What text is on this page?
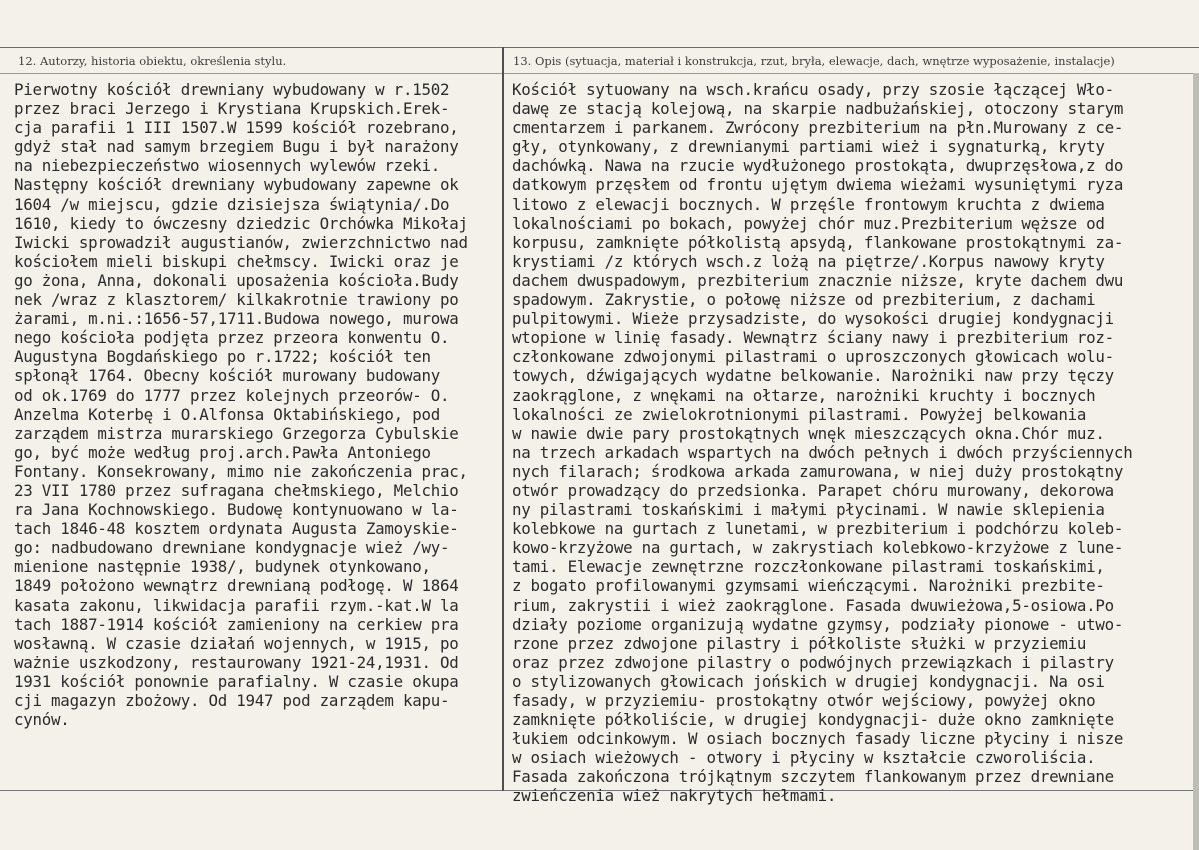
12. Autorzy, historia obiektu, określenia stylu.	13. Opis (sytuacja, materiał i konstrukcja, rzut, bryła, elewacje, dach, wnętrze wyposażenie, instalacje)
Pierwotny kościół drewniany wybudowany w r.1502
przez braci Jerzego i Krystiana Krupskich.Erek-
cja parafii 1 III 1507.W 1599 kościół rozebrano,
gdyż stał nad samym brzegiem Bugu i był narażony
na niebezpieczeństwo wiosennych wylewów rzeki.
Następny kościół drewniany wybudowany zapewne ok
1604 /w miejscu, gdzie dzisiejsza świątynia/.Do
1610, kiedy to ówczesny dziedzic Orchówka Mikołaj
Iwicki sprowadził augustianów, zwierzchnictwo nad
kościołem mieli biskupi chełmscy. Iwicki oraz je
go żona, Anna, dokonali uposażenia kościoła.Budy
nek /wraz z klasztorem/ kilkakrotnie trawiony po
żarami, m.ni.:1656-57,1711.Budowa nowego, murowa
nego kościoła podjęta przez przeora konwentu O.
Augustyna Bogdańskiego po r.1722; kościół ten
spłonął 1764. Obecny kościół murowany budowany
od ok.1769 do 1777 przez kolejnych przeorów- O.
Anzelma Koterbę i O.Alfonsa Oktabińskiego, pod
zarządem mistrza murarskiego Grzegorza Cybulskie
go, być może według proj.arch.Pawła Antoniego
Fontany. Konsekrowany, mimo nie zakończenia prac,
23 VII 1780 przez sufragana chełmskiego, Melchio
ra Jana Kochnowskiego. Budowę kontynuowano w la-
tach 1846-48 kosztem ordynata Augusta Zamoyskie-
go: nadbudowano drewniane kondygnacje wież /wy-
mienione następnie 1938/, budynek otynkowano,
1849 położono wewnątrz drewnianą podłogę. W 1864
kasata zakonu, likwidacja parafii rzym.-kat.W la
tach 1887-1914 kościół zamieniony na cerkiew pra
wosławną. W czasie działań wojennych, w 1915, po
ważnie uszkodzony, restaurowany 1921-24,1931. Od
1931 kościół ponownie parafialny. W czasie okupa
cji magazyn zbożowy. Od 1947 pod zarządem kapu-
cynów.
Kościół sytuowany na wsch.krańcu osady, przy szosie łączącej Wło-
dawę ze stacją kolejową, na skarpie nadbużańskiej, otoczony starym
cmentarzem i parkanem. Zwrócony prezbiterium na płn.Murowany z ce-
gły, otynkowany, z drewnianymi partiami wież i sygnaturką, kryty
dachówką. Nawa na rzucie wydłużonego prostokąta, dwuprzęsłowa,z do
datkowym przęsłem od frontu ujętym dwiema wieżami wysuniętymi ryza
litowo z elewacji bocznych. W przęśle frontowym kruchta z dwiema
lokalnościami po bokach, powyżej chór muz.Prezbiterium węższe od
korpusu, zamknięte półkolistą apsydą, flankowane prostokątnymi za-
krystiami /z których wsch.z lożą na piętrze/.Korpus nawowy kryty
dachem dwuspadowym, prezbiterium znacznie niższe, kryte dachem dwu
spadowym. Zakrystie, o połowę niższe od prezbiterium, z dachami
pulpitowymi. Wieże przysadziste, do wysokości drugiej kondygnacji
wtopione w linię fasady. Wewnątrz ściany nawy i prezbiterium roz-
członkowane zdwojonymi pilastrami o uproszczonych głowicach wolu-
towych, dźwigających wydatne belkowanie. Narożniki naw przy tęczy
zaokrąglone, z wnękami na ołtarze, narożniki kruchty i bocznych
lokalności ze zwielokrotnionymi pilastrami. Powyżej belkowania
w nawie dwie pary prostokątnych wnęk mieszczących okna.Chór muz.
na trzech arkadach wspartych na dwóch pełnych i dwóch przyściennych
nych filarach; środkowa arkada zamurowana, w niej duży prostokątny
otwór prowadzący do przedsionka. Parapet chóru murowany, dekorowa
ny pilastrami toskańskimi i małymi płycinami. W nawie sklepienia
kolebkowe na gurtach z lunetami, w prezbiterium i podchórzu koleb-
kowo-krzyżowe na gurtach, w zakrystiach kolebkowo-krzyżowe z lune-
tami. Elewacje zewnętrzne rozczłonkowane pilastrami toskańskimi,
z bogato profilowanymi gzymsami wieńczącymi. Narożniki prezbite-
rium, zakrystii i wież zaokrąglone. Fasada dwuwieżowa,5-osiowa.Po
działy poziome organizują wydatne gzymsy, podziały pionowe - utwo-
rzone przez zdwojone pilastry i półkoliste służki w przyziemiu
oraz przez zdwojone pilastry o podwójnych przewiązkach i pilastry
o stylizowanych głowicach jońskich w drugiej kondygnacji. Na osi
fasady, w przyziemiu- prostokątny otwór wejściowy, powyżej okno
zamknięte półkoliście, w drugiej kondygnacji- duże okno zamknięte
łukiem odcinkowym. W osiach bocznych fasady liczne płyciny i nisze
w osiach wieżowych - otwory i płyciny w kształcie czworoliścia.
Fasada zakończona trójkątnym szczytem flankowanym przez drewniane
zwieńczenia wież nakrytych hełmami.
